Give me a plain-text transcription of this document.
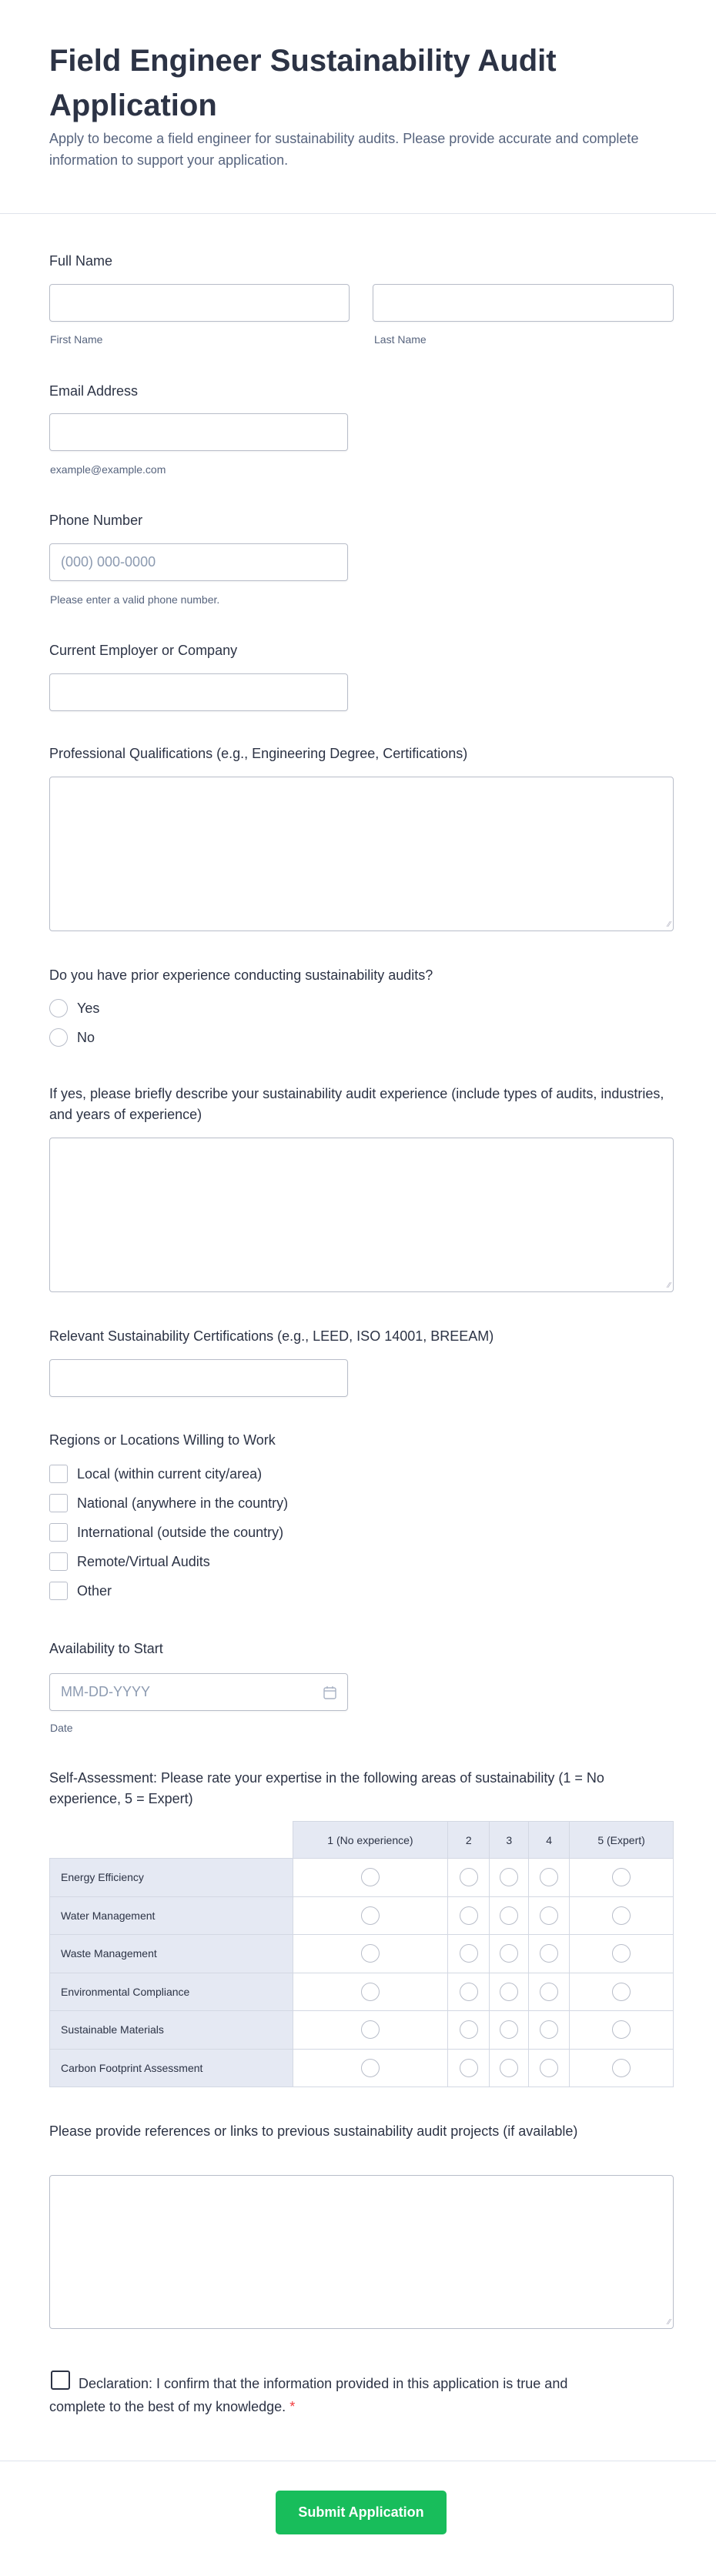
Field Engineer Sustainability Audit Application
Apply to become a field engineer for sustainability audits. Please provide accurate and complete information to support your application.
Full Name
First Name	Last Name
Email Address
example@example.com
Phone Number
(000) 000-0000
Please enter a valid phone number.
Current Employer or Company
Professional Qualifications (e.g., Engineering Degree, Certifications)
⁄⁄
Do you have prior experience conducting sustainability audits?
Yes
No
If yes, please briefly describe your sustainability audit experience (include types of audits, industries, and years of experience)
⁄⁄
Relevant Sustainability Certifications (e.g., LEED, ISO 14001, BREEAM)
Regions or Locations Willing to Work
Local (within current city/area)
National (anywhere in the country)
International (outside the country)
Remote/Virtual Audits
Other
Availability to Start
MM-DD-YYYY
Date
Self-Assessment: Please rate your expertise in the following areas of sustainability (1 = No experience, 5 = Expert)
	1 (No experience)	2	3	4	5 (Expert)
Energy Efficiency					
Water Management					
Waste Management					
Environmental Compliance					
Sustainable Materials					
Carbon Footprint Assessment					
Please provide references or links to previous sustainability audit projects (if available)
⁄⁄
Declaration: I confirm that the information provided in this application is true and complete to the best of my knowledge. *
Submit Application
